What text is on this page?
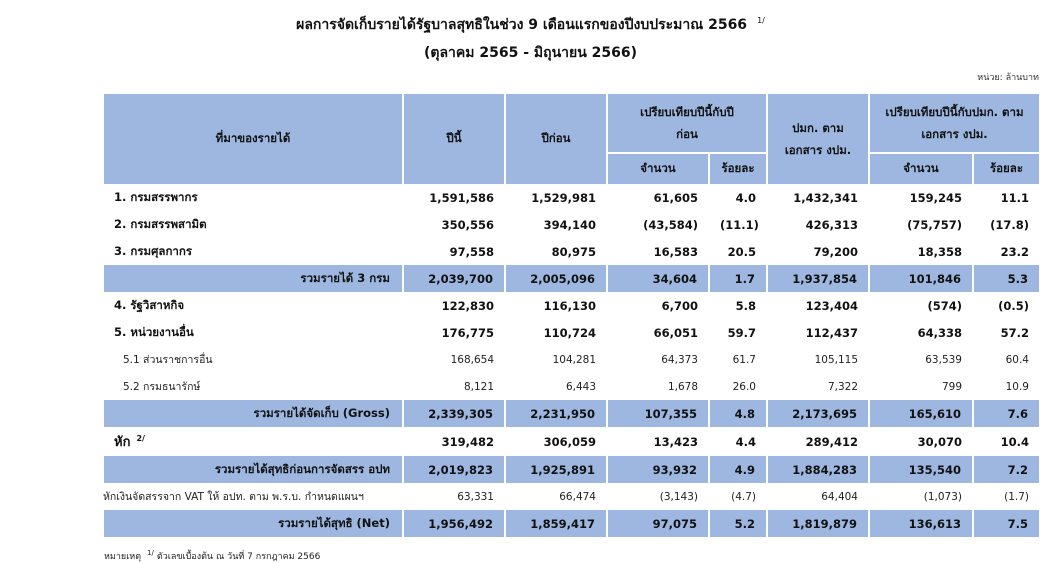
ผลการจัดเก็บรายได้รัฐบาลสุทธิในช่วง 9 เดือนแรกของปีงบประมาณ 2566 $^{1/}$
(ตุลาคม 2565 - มิถุนายน 2566)
หน่วย: ล้านบาท
ที่มาของรายได้	ปีนี้	ปีก่อน	เปรียบเทียบปีนี้กับปีก่อน		ปมก. ตามเอกสาร งปม.	เปรียบเทียบปีนี้กับปมก. ตามเอกสาร งปม.	

			จำนวน	ร้อยละ		จำนวน	ร้อยละ
1. กรมสรรพากร	1,591,586	1,529,981	61,605	4.0	1,432,341	159,245	11.1
2. กรมสรรพสามิต	350,556	394,140	(43,584)	(11.1)	426,313	(75,757)	(17.8)
3. กรมศุลกากร	97,558	80,975	16,583	20.5	79,200	18,358	23.2
รวมรายได้ 3 กรม	2,039,700	2,005,096	34,604	1.7	1,937,854	101,846	5.3
4. รัฐวิสาหกิจ	122,830	116,130	6,700	5.8	123,404	(574)	(0.5)
5. หน่วยงานอื่น	176,775	110,724	66,051	59.7	112,437	64,338	57.2
5.1 ส่วนราชการอื่น	168,654	104,281	64,373	61.7	105,115	63,539	60.4
5.2 กรมธนารักษ์	8,121	6,443	1,678	26.0	7,322	799	10.9
รวมรายได้จัดเก็บ (Gross)	2,339,305	2,231,950	107,355	4.8	2,173,695	165,610	7.6
หัก $^{2/}$	319,482	306,059	13,423	4.4	289,412	30,070	10.4
รวมรายได้สุทธิก่อนการจัดสรร อปท	2,019,823	1,925,891	93,932	4.9	1,884,283	135,540	7.2
หักเงินจัดสรรจาก VAT ให้ อปท. ตาม พ.ร.บ. กำหนดแผนฯ	63,331	66,474	(3,143)	(4.7)	64,404	(1,073)	(1.7)
รวมรายได้สุทธิ (Net)	1,956,492	1,859,417	97,075	5.2	1,819,879	136,613	7.5
หมายเหตุ $^{1/}$ ตัวเลขเบื้องต้น ณ วันที่ 7 กรกฎาคม 2566
